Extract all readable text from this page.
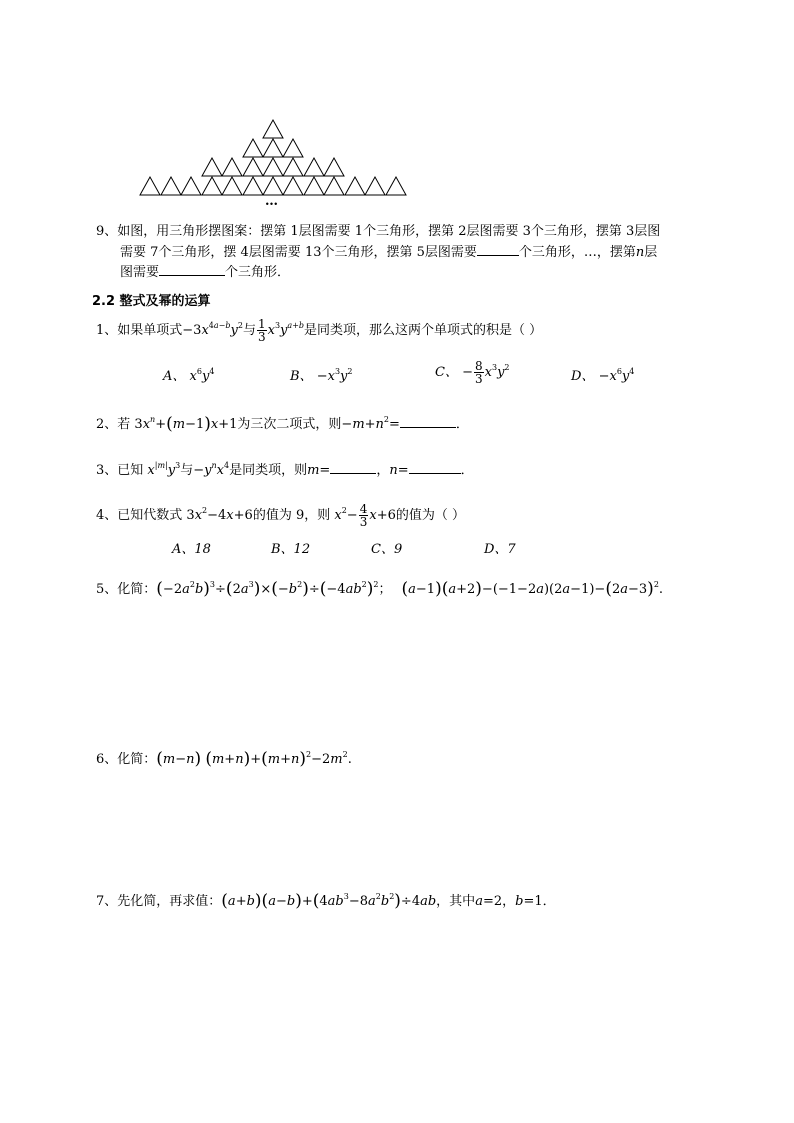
…
9、如图，用三角形摆图案：摆第 1层图需要 1个三角形，摆第 2层图需要 3个三角形，摆第 3层图
需要 7个三角形，摆 4层图需要 13个三角形，摆第 5层图需要	个三角形，…，摆第n层
图需要	个三角形．
2.2 整式及幂的运算
1、如果单项式$-3x^{4a-b}y^2$与 $\frac{1}{3} x^3y^{a+b}$是同类项，那么这两个单项式的积是（ ）
A、 $x^6y^4$	B、 $-x^3y^2$	C、 − $\frac{8}{3} x^3y^2$
D、 $-x^6y^4$
2、若 $3x^n+(m-1)x+1$为三次二项式，则$-m+n^2=$	．
3、已知 $x^{|m|}y^3$与$-y^nx^4$是同类项，则m=	，n=	．
4、已知代数式 $3x^2-4x+6$的值为 9，则 $x^2- \frac{4}{3} x+6$的值为（ ）
A、18	B、12	C、9	D、7
5、化简：$(-2a^2b)^3\div(2a^3)\times(-b^2)\div(-4ab^2)^2$； $(a-1)(a+2)-(-1-2a)(2a-1)-(2a-3)^2$.
6、化简：(m−n) $(m+n)+(m+n)^2-2m^2$.
7、先化简，再求值：$(a+b)(a-b)+(4ab^3-8a^2b^2)\div 4ab$，其中a=2，b=1．
